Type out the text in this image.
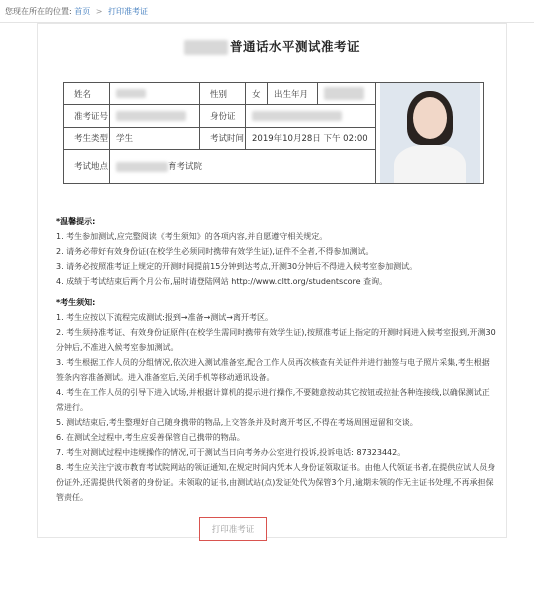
您现在所在的位置: 首页 > 打印准考证
普通话水平测试准考证
姓名		性别	女	出生年月		

准考证号		身份证				
考生类型	学生	考试时间	2019年10月28日 下午 02:00			
考试地点	育考试院					

*温馨提示:

1. 考生参加测试,应完整阅读《考生须知》的各项内容,并自愿遵守相关规定。

2. 请务必带好有效身份证(在校学生必须同时携带有效学生证),证件不全者,不得参加测试。

3. 请务必按照准考证上规定的开测时间提前15分钟到达考点,开测30分钟后不得进入候考室参加测试。

4. 成绩于考试结束后两个月公布,届时请登陆网站 http://www.cltt.org/studentscore 查询。

*考生须知:

1. 考生应按以下流程完成测试:报到→准备→测试→离开考区。

2. 考生须持准考证、有效身份证原件(在校学生需同时携带有效学生证),按照准考证上指定的开测时间进入候考室报到,开测30分钟后,不准进入候考室参加测试。

3. 考生根据工作人员的分组情况,依次进入测试准备室,配合工作人员再次核查有关证件并进行抽签与电子照片采集,考生根据签条内容准备测试。进入准备室后,关闭手机等移动通讯设备。

4. 考生在工作人员的引导下进入试场,并根据计算机的提示进行操作,不要随意按动其它按钮或拉扯各种连接线,以确保测试正常进行。

5. 测试结束后,考生整理好自己随身携带的物品,上交答条并及时离开考区,不得在考场周围逗留和交谈。

6. 在测试全过程中,考生应妥善保管自己携带的物品。

7. 考生对测试过程中违规操作的情况,可于测试当日向考务办公室进行投诉,投诉电话: 87323442。

8. 考生应关注宁波市教育考试院网站的领证通知,在规定时间内凭本人身份证领取证书。由他人代领证书者,在提供应试人员身份证外,还需提供代领者的身份证。未领取的证书,由测试站(点)发证处代为保管3个月,逾期未领的作无主证书处理,不再承担保管责任。

打印准考证
